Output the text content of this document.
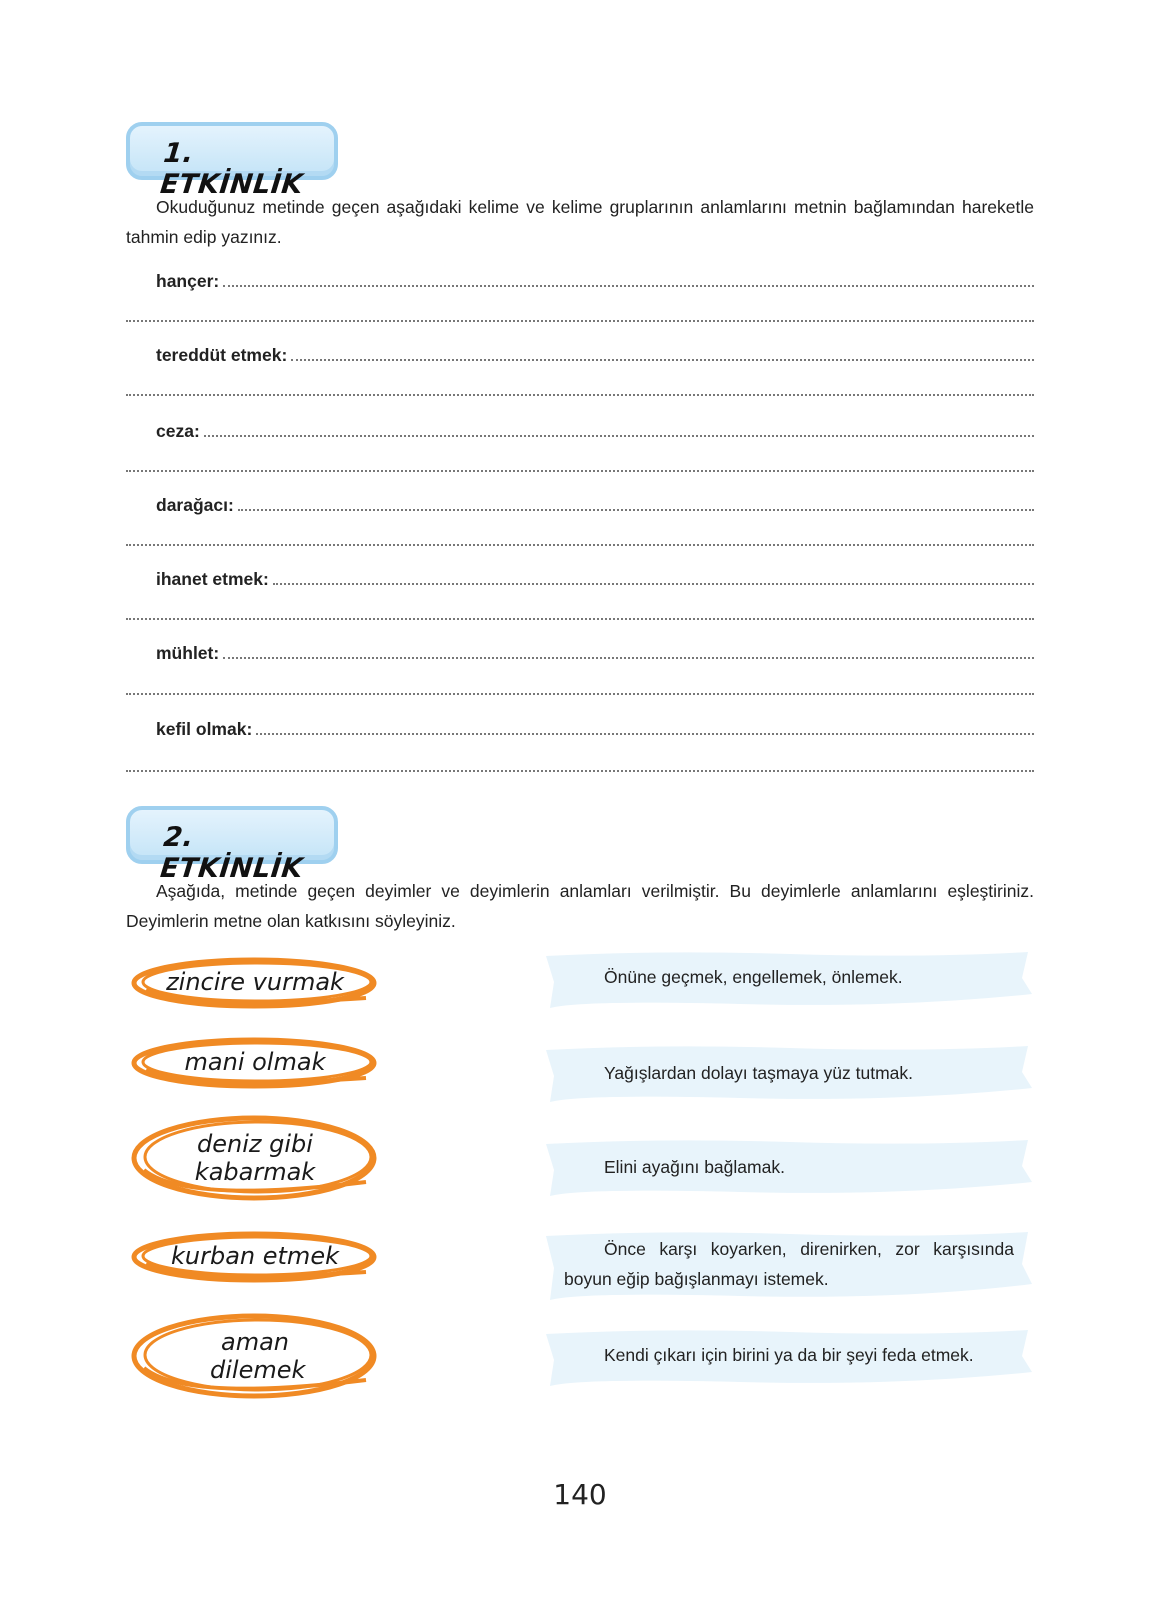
1. ETKİNLİK

Okuduğunuz metinde geçen aşağıdaki kelime ve kelime gruplarının anlamlarını metnin bağlamından hareketle tahmin edip yazınız.

hançer:
tereddüt etmek:
ceza:
darağacı:
ihanet etmek:
mühlet:
kefil olmak:
2. ETKİNLİK

Aşağıda, metinde geçen deyimler ve deyimlerin anlamları verilmiştir. Bu deyimlerle anlamlarını eşleştiriniz. Deyimlerin metne olan katkısını söyleyiniz.

zincire vurmak
mani olmak
deniz gibi kabarmak
kurban etmek
aman dilemek
Önüne geçmek, engellemek, önlemek.
Yağışlardan dolayı taşmaya yüz tutmak.
Elini ayağını bağlamak.
Önce karşı koyarken, direnirken, zor karşısında boyun eğip bağışlanmayı istemek.
Kendi çıkarı için birini ya da bir şeyi feda etmek.
140
